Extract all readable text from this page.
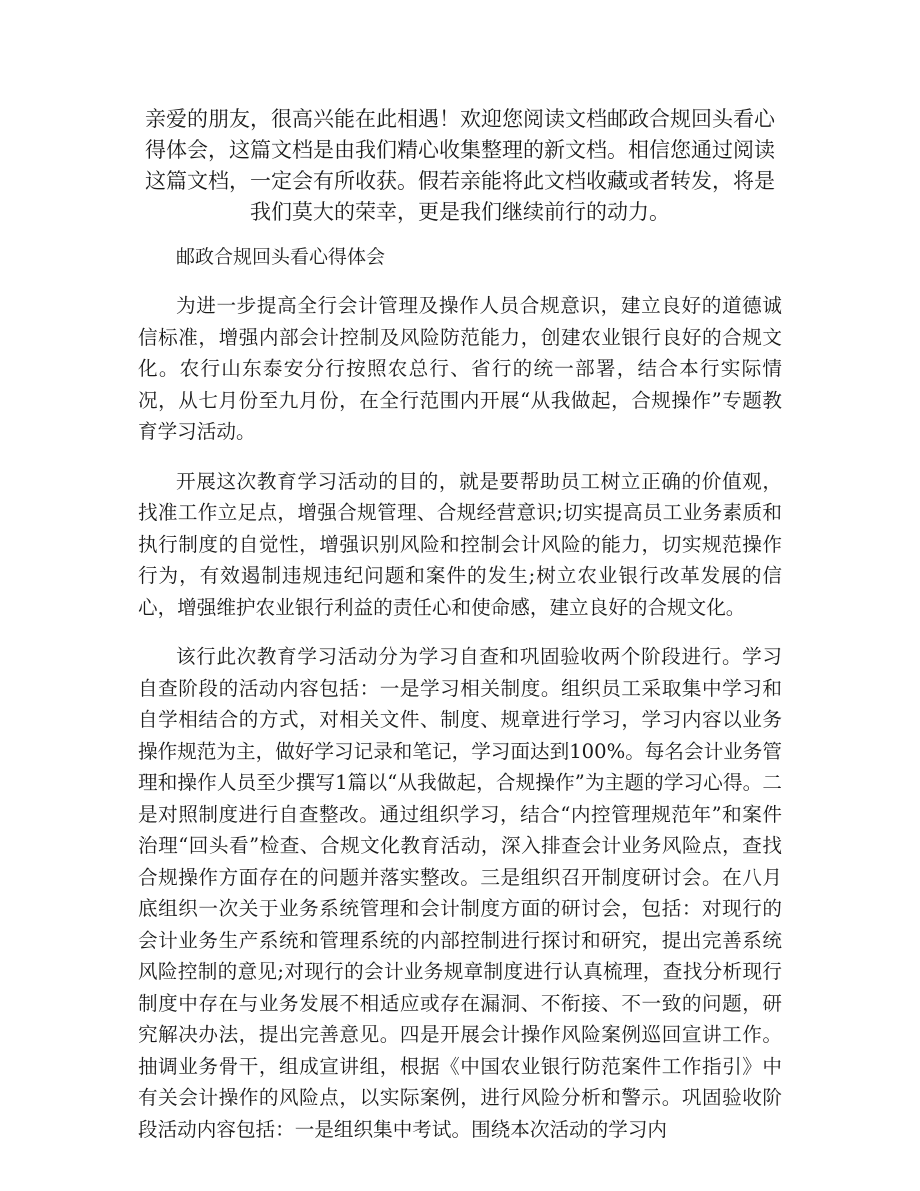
亲爱的朋友，很高兴能在此相遇！欢迎您阅读文档邮政合规回头看心得体会，这篇文档是由我们精心收集整理的新文档。相信您通过阅读这篇文档，一定会有所收获。假若亲能将此文档收藏或者转发，将是我们莫大的荣幸，更是我们继续前行的动力。

邮政合规回头看心得体会

为进一步提高全行会计管理及操作人员合规意识，建立良好的道德诚信标准，增强内部会计控制及风险防范能力，创建农业银行良好的合规文化。农行山东泰安分行按照农总行、省行的统一部署，结合本行实际情况，从七月份至九月份，在全行范围内开展“从我做起，合规操作”专题教育学习活动。

开展这次教育学习活动的目的，就是要帮助员工树立正确的价值观，找准工作立足点，增强合规管理、合规经营意识;切实提高员工业务素质和执行制度的自觉性，增强识别风险和控制会计风险的能力，切实规范操作行为，有效遏制违规违纪问题和案件的发生;树立农业银行改革发展的信心，增强维护农业银行利益的责任心和使命感，建立良好的合规文化。

该行此次教育学习活动分为学习自查和巩固验收两个阶段进行。学习自查阶段的活动内容包括：一是学习相关制度。组织员工采取集中学习和自学相结合的方式，对相关文件、制度、规章进行学习，学习内容以业务操作规范为主，做好学习记录和笔记，学习面达到100%。每名会计业务管理和操作人员至少撰写1篇以“从我做起，合规操作”为主题的学习心得。二是对照制度进行自查整改。通过组织学习，结合“内控管理规范年”和案件治理“回头看”检查、合规文化教育活动，深入排查会计业务风险点，查找合规操作方面存在的问题并落实整改。三是组织召开制度研讨会。在八月底组织一次关于业务系统管理和会计制度方面的研讨会，包括：对现行的会计业务生产系统和管理系统的内部控制进行探讨和研究，提出完善系统风险控制的意见;对现行的会计业务规章制度进行认真梳理，查找分析现行制度中存在与业务发展不相适应或存在漏洞、不衔接、不一致的问题，研究解决办法，提出完善意见。四是开展会计操作风险案例巡回宣讲工作。抽调业务骨干，组成宣讲组，根据《中国农业银行防范案件工作指引》中有关会计操作的风险点，以实际案例，进行风险分析和警示。巩固验收阶段活动内容包括：一是组织集中考试。围绕本次活动的学习内
